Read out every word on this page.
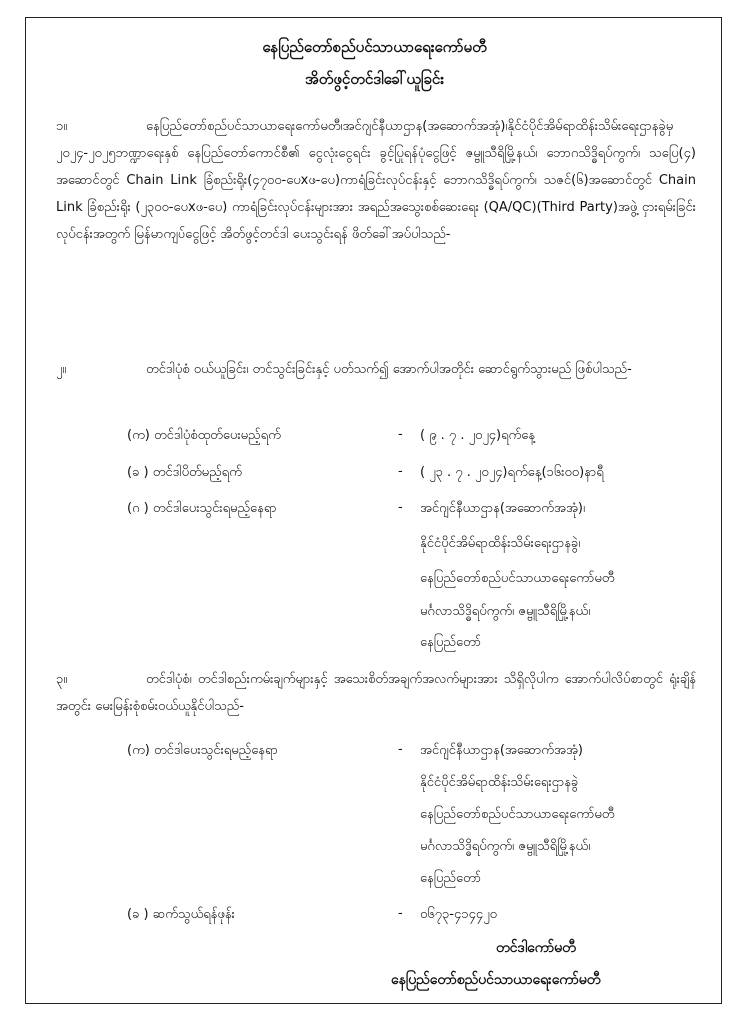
နေပြည်တော်စည်ပင်သာယာရေးကော်မတီ
အိတ်ဖွင့်တင်ဒါခေါ်ယူခြင်း
၁။	နေပြည်တော်စည်ပင်သာယာရေးကော်မတီ၊အင်ဂျင်နီယာဌာန(အဆောက်အအုံ)၊နိုင်ငံပိုင်အိမ်ရာထိန်းသိမ်းရေးဌာနခွဲမှ ၂၀၂၄-၂၀၂၅ဘဏ္ဍာရေးနှစ် နေပြည်တော်ကောင်စီ၏ ငွေလုံးငွေရင်း ခွင့်ပြုရန်ပုံငွေဖြင့် ဇမ္ဗူသီရိမြို့နယ်၊ ဘောဂသိဒ္ဓိရပ်ကွက်၊ သပြေ(၄) အဆောင်တွင် Chain Link ခြံစည်းရိုး(၄၇၀၀-ပေxဖ-ပေ)ကာရံခြင်းလုပ်ငန်းနှင့် ဘောဂသိဒ္ဓိရပ်ကွက်၊ သဇင်(၆)အဆောင်တွင် Chain Link ခြံစည်းရိုး (၂၃၀၀-ပေxဖ-ပေ) ကာရံခြင်းလုပ်ငန်းများအား အရည်အသွေးစစ်ဆေးရေး (QA/QC)(Third Party)အဖွဲ့ ငှားရမ်းခြင်းလုပ်ငန်းအတွက် မြန်မာကျပ်ငွေဖြင့် အိတ်ဖွင့်တင်ဒါ ပေးသွင်းရန် ဖိတ်ခေါ်အပ်ပါသည်-
၂။	တင်ဒါပုံစံ ဝယ်ယူခြင်း၊ တင်သွင်းခြင်းနှင့် ပတ်သက်၍ အောက်ပါအတိုင်း ဆောင်ရွက်သွားမည် ဖြစ်ပါသည်-
(က) တင်ဒါပုံစံထုတ်ပေးမည့်ရက်	- ( ၉ . ၇ . ၂၀၂၄)ရက်နေ့
(ခ ) တင်ဒါပိတ်မည့်ရက်	- ( ၂၃ . ၇ . ၂၀၂၄)ရက်နေ့(၁၆း၀၀)နာရီ
(ဂ ) တင်ဒါပေးသွင်းရမည့်နေရာ	- အင်ဂျင်နီယာဌာန(အဆောက်အအုံ)၊
နိုင်ငံပိုင်အိမ်ရာထိန်းသိမ်းရေးဌာနခွဲ၊
နေပြည်တော်စည်ပင်သာယာရေးကော်မတီ
မင်္ဂလာသိဒ္ဓိရပ်ကွက်၊ ဇမ္ဗူသီရိမြို့နယ်၊
နေပြည်တော်
၃။	တင်ဒါပုံစံ၊ တင်ဒါစည်းကမ်းချက်များနှင့် အသေးစိတ်အချက်အလက်များအား သိရှိလိုပါက အောက်ပါလိပ်စာတွင် ရုံးချိန်အတွင်း မေးမြန်းစုံစမ်းဝယ်ယူနိုင်ပါသည်-
(က) တင်ဒါပေးသွင်းရမည့်နေရာ	- အင်ဂျင်နီယာဌာန(အဆောက်အအုံ)
နိုင်ငံပိုင်အိမ်ရာထိန်းသိမ်းရေးဌာနခွဲ
နေပြည်တော်စည်ပင်သာယာရေးကော်မတီ
မင်္ဂလာသိဒ္ဓိရပ်ကွက်၊ ဇမ္ဗူသီရိမြို့နယ်၊
နေပြည်တော်
(ခ ) ဆက်သွယ်ရန်ဖုန်း	- ၀၆၇၃-၄၁၄၄၂၀
တင်ဒါကော်မတီ
နေပြည်တော်စည်ပင်သာယာရေးကော်မတီ
